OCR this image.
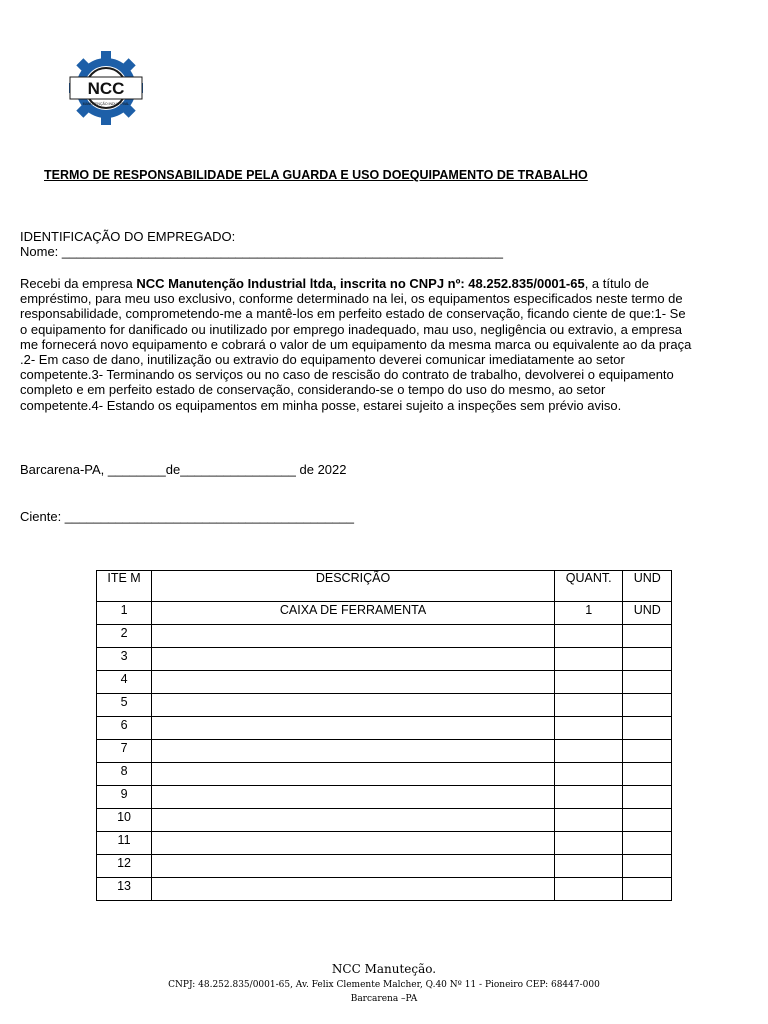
NCC
MANUTENÇÃO INDUSTRIAL
TERMO DE RESPONSABILIDADE PELA GUARDA E USO DOEQUIPAMENTO DE TRABALHO
IDENTIFICAÇÃO DO EMPREGADO:
Nome: _____________________________________________________________
Recebi da empresa NCC Manutenção Industrial ltda, inscrita no CNPJ nº: 48.252.835/0001-65, a título de empréstimo, para meu uso exclusivo, conforme determinado na lei, os equipamentos especificados neste termo de responsabilidade, comprometendo-me a mantê-los em perfeito estado de conservação, ficando ciente de que:1- Se o equipamento for danificado ou inutilizado por emprego inadequado, mau uso, negligência ou extravio, a empresa me fornecerá novo equipamento e cobrará o valor de um equipamento da mesma marca ou equivalente ao da praça .2- Em caso de dano, inutilização ou extravio do equipamento deverei comunicar imediatamente ao setor competente.3- Terminando os serviços ou no caso de rescisão do contrato de trabalho, devolverei o equipamento completo e em perfeito estado de conservação, considerando-se o tempo do uso do mesmo, ao setor competente.4- Estando os equipamentos em minha posse, estarei sujeito a inspeções sem prévio aviso.
Barcarena-PA, ________de________________ de 2022
Ciente: ________________________________________
ITE M	DESCRIÇÃO	QUANT.	UND
1	CAIXA DE FERRAMENTA	1	UND
2			
3			
4			
5			
6			
7			
8			
9			
10			
11			
12			
13			
NCC Manuteção.
CNPJ: 48.252.835/0001-65, Av. Felix Clemente Malcher, Q.40 Nº 11 - Pioneiro CEP: 68447-000
Barcarena –PA
